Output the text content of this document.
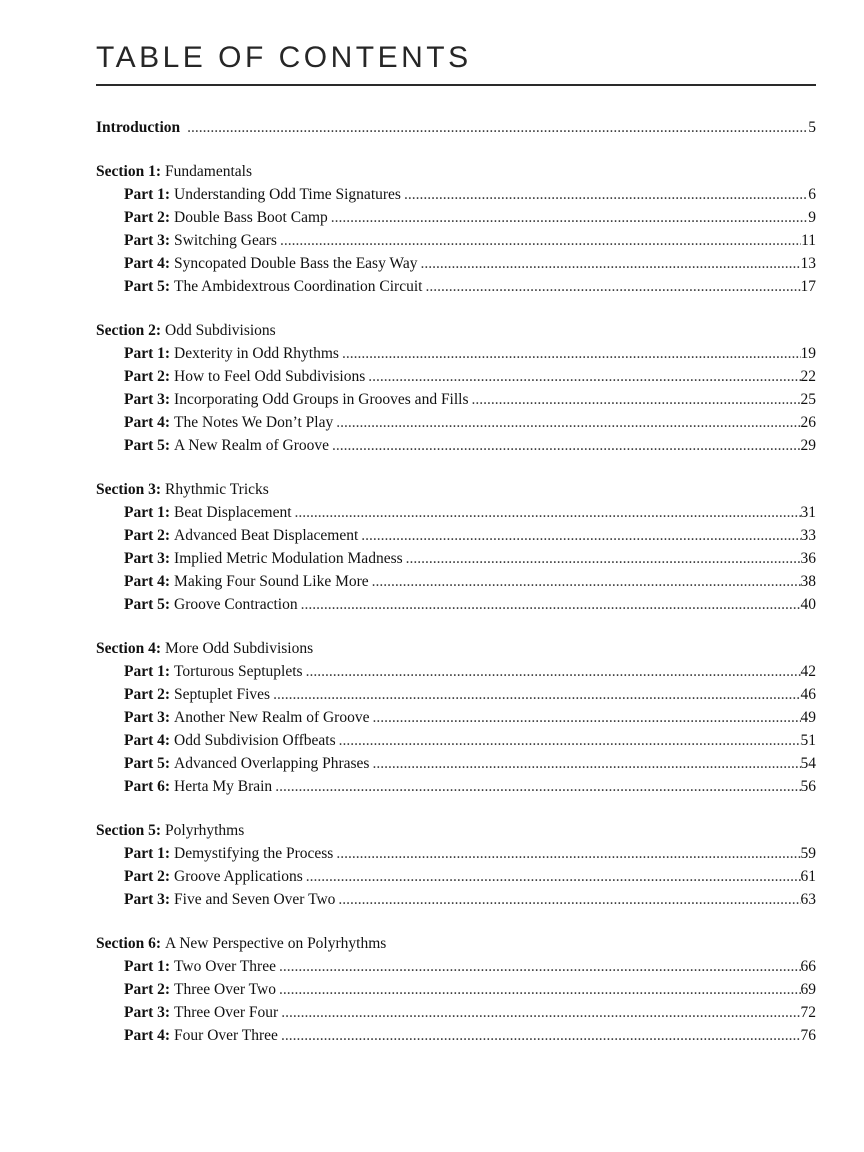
TABLE OF CONTENTS
Introduction .....	5
Section 1: Fundamentals
Part 1: Understanding Odd Time Signatures .....	6
Part 2: Double Bass Boot Camp .....	9
Part 3: Switching Gears .....	11
Part 4: Syncopated Double Bass the Easy Way .....	13
Part 5: The Ambidextrous Coordination Circuit .....	17
Section 2: Odd Subdivisions
Part 1: Dexterity in Odd Rhythms .....	19
Part 2: How to Feel Odd Subdivisions .....	22
Part 3: Incorporating Odd Groups in Grooves and Fills .....	25
Part 4: The Notes We Don’t Play .....	26
Part 5: A New Realm of Groove .....	29
Section 3: Rhythmic Tricks
Part 1: Beat Displacement .....	31
Part 2: Advanced Beat Displacement .....	33
Part 3: Implied Metric Modulation Madness .....	36
Part 4: Making Four Sound Like More .....	38
Part 5: Groove Contraction .....	40
Section 4: More Odd Subdivisions
Part 1: Torturous Septuplets .....	42
Part 2: Septuplet Fives .....	46
Part 3: Another New Realm of Groove .....	49
Part 4: Odd Subdivision Offbeats .....	51
Part 5: Advanced Overlapping Phrases .....	54
Part 6: Herta My Brain .....	56
Section 5: Polyrhythms
Part 1: Demystifying the Process .....	59
Part 2: Groove Applications .....	61
Part 3: Five and Seven Over Two .....	63
Section 6: A New Perspective on Polyrhythms
Part 1: Two Over Three .....	66
Part 2: Three Over Two .....	69
Part 3: Three Over Four .....	72
Part 4: Four Over Three .....	76
